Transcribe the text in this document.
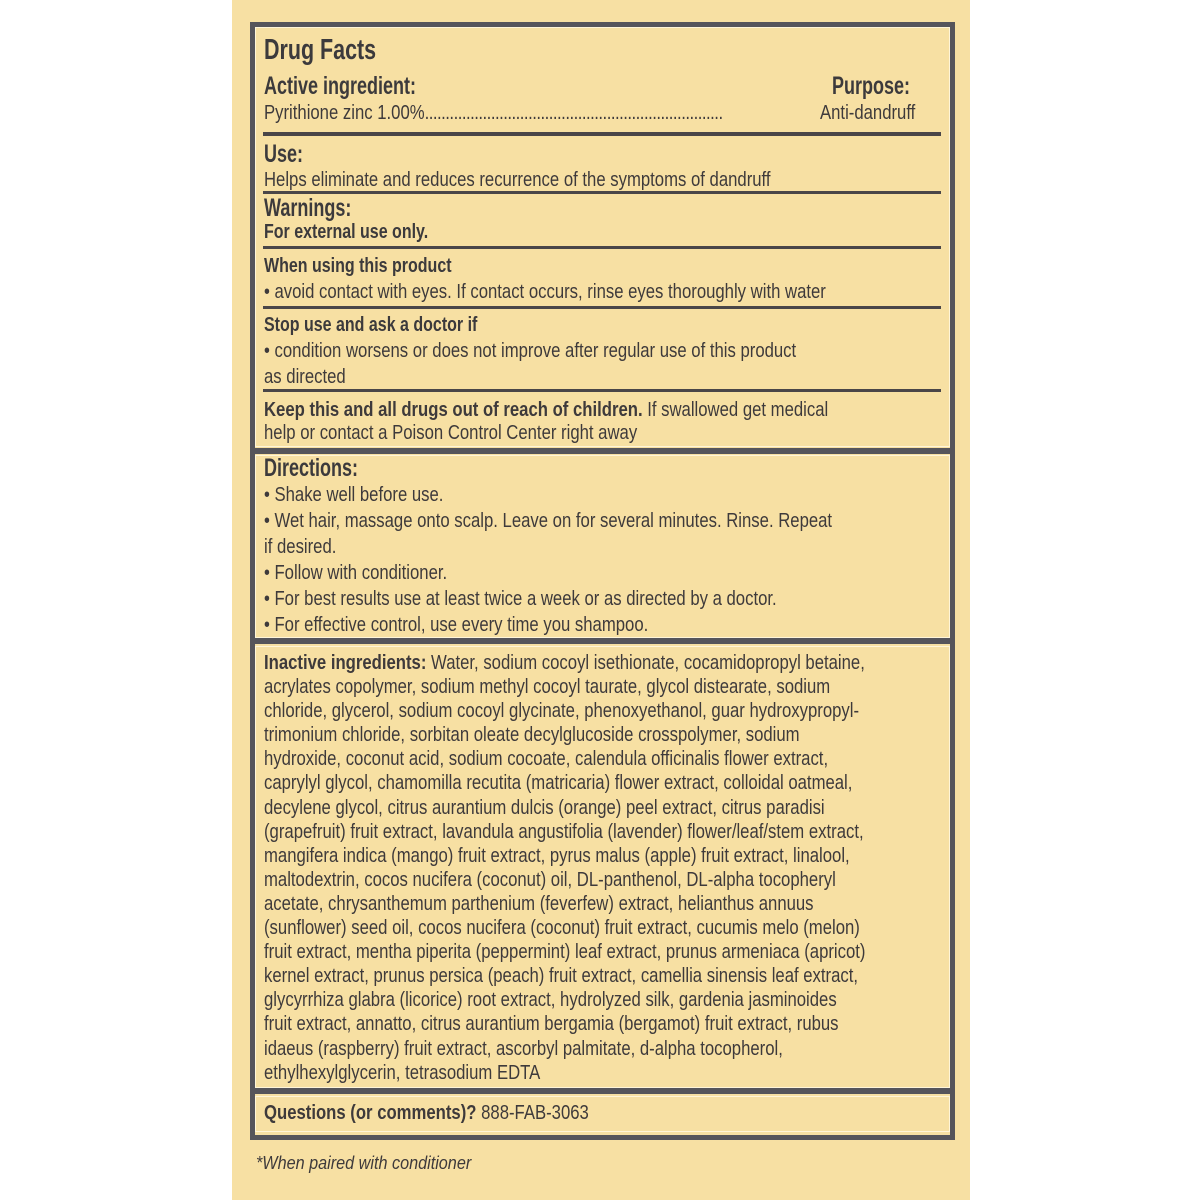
Drug Facts
Active ingredient:	Purpose:
Pyrithione zinc 1.00%........................................................................	Anti-dandruff
Use:
Helps eliminate and reduces recurrence of the symptoms of dandruff
Warnings:
For external use only.
When using this product
• avoid contact with eyes. If contact occurs, rinse eyes thoroughly with water
Stop use and ask a doctor if
• condition worsens or does not improve after regular use of this product
as directed
Keep this and all drugs out of reach of children. If swallowed get medical
help or contact a Poison Control Center right away
Directions:
• Shake well before use.
• Wet hair, massage onto scalp. Leave on for several minutes. Rinse. Repeat
if desired.
• Follow with conditioner.
• For best results use at least twice a week or as directed by a doctor.
• For effective control, use every time you shampoo.
Inactive ingredients: Water, sodium cocoyl isethionate, cocamidopropyl betaine,
acrylates copolymer, sodium methyl cocoyl taurate, glycol distearate, sodium
chloride, glycerol, sodium cocoyl glycinate, phenoxyethanol, guar hydroxypropyl-
trimonium chloride, sorbitan oleate decylglucoside crosspolymer, sodium
hydroxide, coconut acid, sodium cocoate, calendula officinalis flower extract,
caprylyl glycol, chamomilla recutita (matricaria) flower extract, colloidal oatmeal,
decylene glycol, citrus aurantium dulcis (orange) peel extract, citrus paradisi
(grapefruit) fruit extract, lavandula angustifolia (lavender) flower/leaf/stem extract,
mangifera indica (mango) fruit extract, pyrus malus (apple) fruit extract, linalool,
maltodextrin, cocos nucifera (coconut) oil, DL-panthenol, DL-alpha tocopheryl
acetate, chrysanthemum parthenium (feverfew) extract, helianthus annuus
(sunflower) seed oil, cocos nucifera (coconut) fruit extract, cucumis melo (melon)
fruit extract, mentha piperita (peppermint) leaf extract, prunus armeniaca (apricot)
kernel extract, prunus persica (peach) fruit extract, camellia sinensis leaf extract,
glycyrrhiza glabra (licorice) root extract, hydrolyzed silk, gardenia jasminoides
fruit extract, annatto, citrus aurantium bergamia (bergamot) fruit extract, rubus
idaeus (raspberry) fruit extract, ascorbyl palmitate, d-alpha tocopherol,
ethylhexylglycerin, tetrasodium EDTA
Questions (or comments)? 888-FAB-3063
*When paired with conditioner
